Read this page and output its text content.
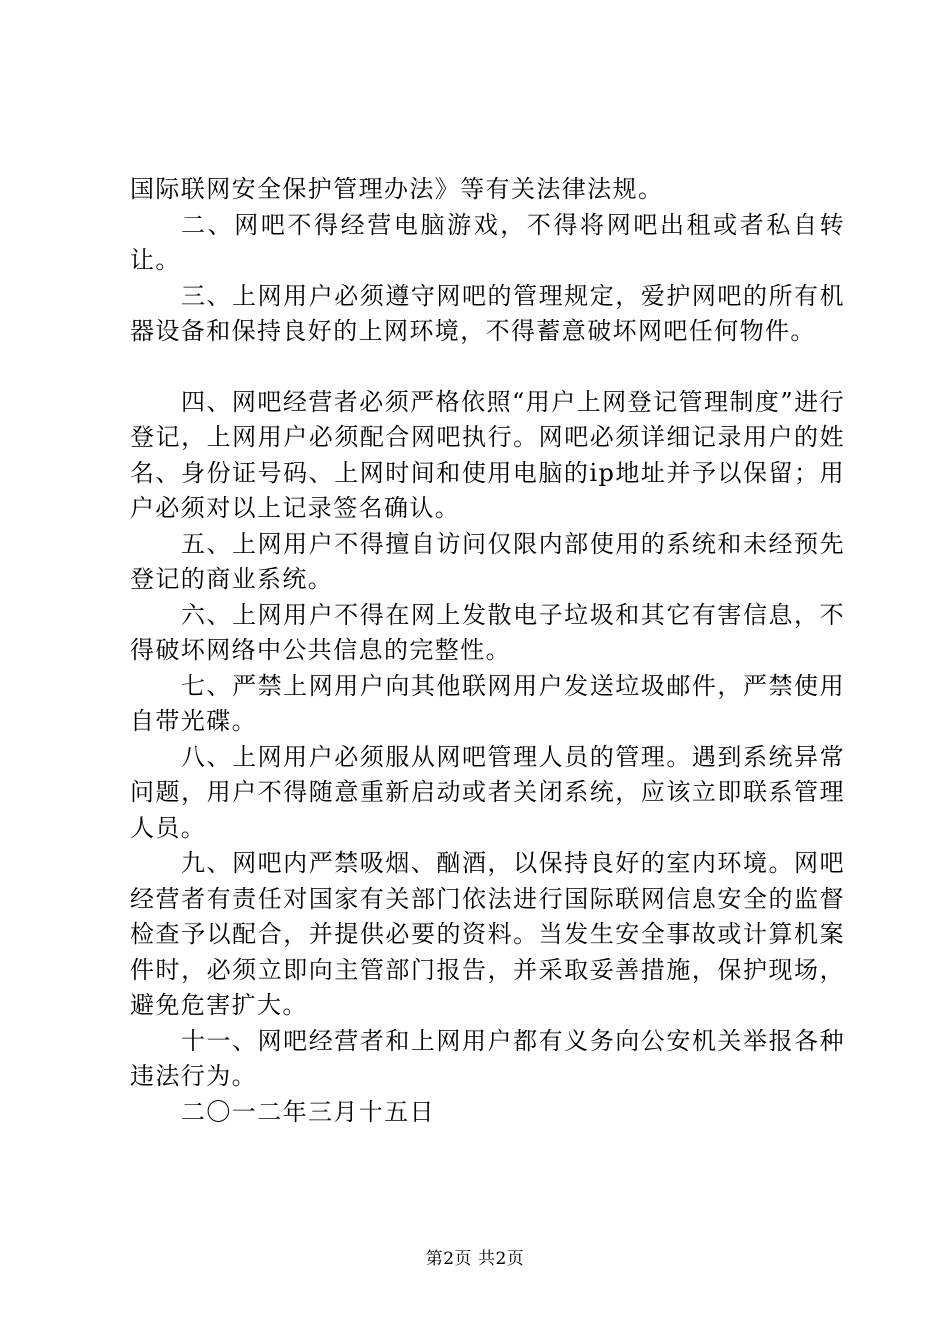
国际联网安全保护管理办法》等有关法律法规。

二、网吧不得经营电脑游戏，不得将网吧出租或者私自转让。

三、上网用户必须遵守网吧的管理规定，爱护网吧的所有机器设备和保持良好的上网环境，不得蓄意破坏网吧任何物件。

四、网吧经营者必须严格依照“用户上网登记管理制度”进行登记，上网用户必须配合网吧执行。网吧必须详细记录用户的姓名、身份证号码、上网时间和使用电脑的ip地址并予以保留；用户必须对以上记录签名确认。

五、上网用户不得擅自访问仅限内部使用的系统和未经预先登记的商业系统。

六、上网用户不得在网上发散电子垃圾和其它有害信息，不得破坏网络中公共信息的完整性。

七、严禁上网用户向其他联网用户发送垃圾邮件，严禁使用自带光碟。

八、上网用户必须服从网吧管理人员的管理。遇到系统异常问题，用户不得随意重新启动或者关闭系统，应该立即联系管理人员。

九、网吧内严禁吸烟、酗酒，以保持良好的室内环境。网吧经营者有责任对国家有关部门依法进行国际联网信息安全的监督检查予以配合，并提供必要的资料。当发生安全事故或计算机案件时，必须立即向主管部门报告，并采取妥善措施，保护现场，避免危害扩大。

十一、网吧经营者和上网用户都有义务向公安机关举报各种违法行为。

二〇一二年三月十五日

第2页 共2页
